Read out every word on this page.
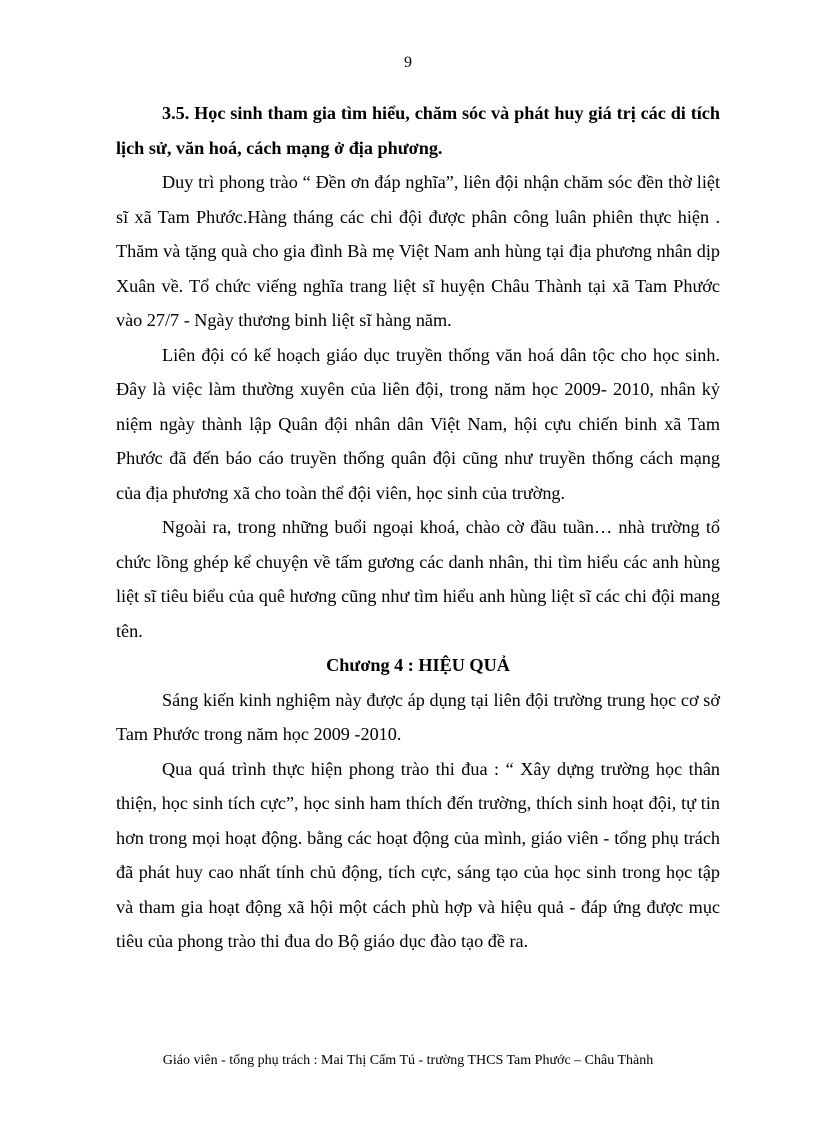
9

3.5. Học sinh tham gia tìm hiểu, chăm sóc và phát huy giá trị các di tích lịch sử, văn hoá, cách mạng ở địa phương.

Duy trì phong trào “ Đền ơn đáp nghĩa”, liên đội nhận chăm sóc đền thờ liệt sĩ xã Tam Phước.Hàng tháng các chi đội được phân công luân phiên thực hiện . Thăm và tặng quà cho gia đình Bà mẹ Việt Nam anh hùng tại địa phương nhân dịp Xuân về. Tổ chức viếng nghĩa trang liệt sĩ huyện Châu Thành tại xã Tam Phước vào 27/7 - Ngày thương binh liệt sĩ hàng năm.

Liên đội có kế hoạch giáo dục truyền thống văn hoá dân tộc cho học sinh. Đây là việc làm thường xuyên của liên đội, trong năm học 2009- 2010, nhân kỷ niệm ngày thành lập Quân đội nhân dân Việt Nam, hội cựu chiến binh xã Tam Phước đã đến báo cáo truyền thống quân đội cũng như truyền thống cách mạng của địa phương xã cho toàn thể đội viên, học sinh của trường.

Ngoài ra, trong những buổi ngoại khoá, chào cờ đầu tuần… nhà trường tổ chức lồng ghép kể chuyện về tấm gương các danh nhân, thi tìm hiểu các anh hùng liệt sĩ tiêu biểu của quê hương cũng như tìm hiểu anh hùng liệt sĩ các chi đội mang tên.

Chương 4 : HIỆU QUẢ

Sáng kiến kinh nghiệm này được áp dụng tại liên đội trường trung học cơ sở Tam Phước trong năm học 2009 -2010.

Qua quá trình thực hiện phong trào thi đua : “ Xây dựng trường học thân thiện, học sinh tích cực”, học sinh ham thích đến trường, thích sinh hoạt đội, tự tin hơn trong mọi hoạt động. bằng các hoạt động của mình, giáo viên - tổng phụ trách đã phát huy cao nhất tính chủ động, tích cực, sáng tạo của học sinh trong học tập và tham gia hoạt động xã hội một cách phù hợp và hiệu quả - đáp ứng được mục tiêu của phong trào thi đua do Bộ giáo dục đào tạo đề ra.

Giáo viên - tổng phụ trách : Mai Thị Cẩm Tú - trường THCS Tam Phước – Châu Thành
